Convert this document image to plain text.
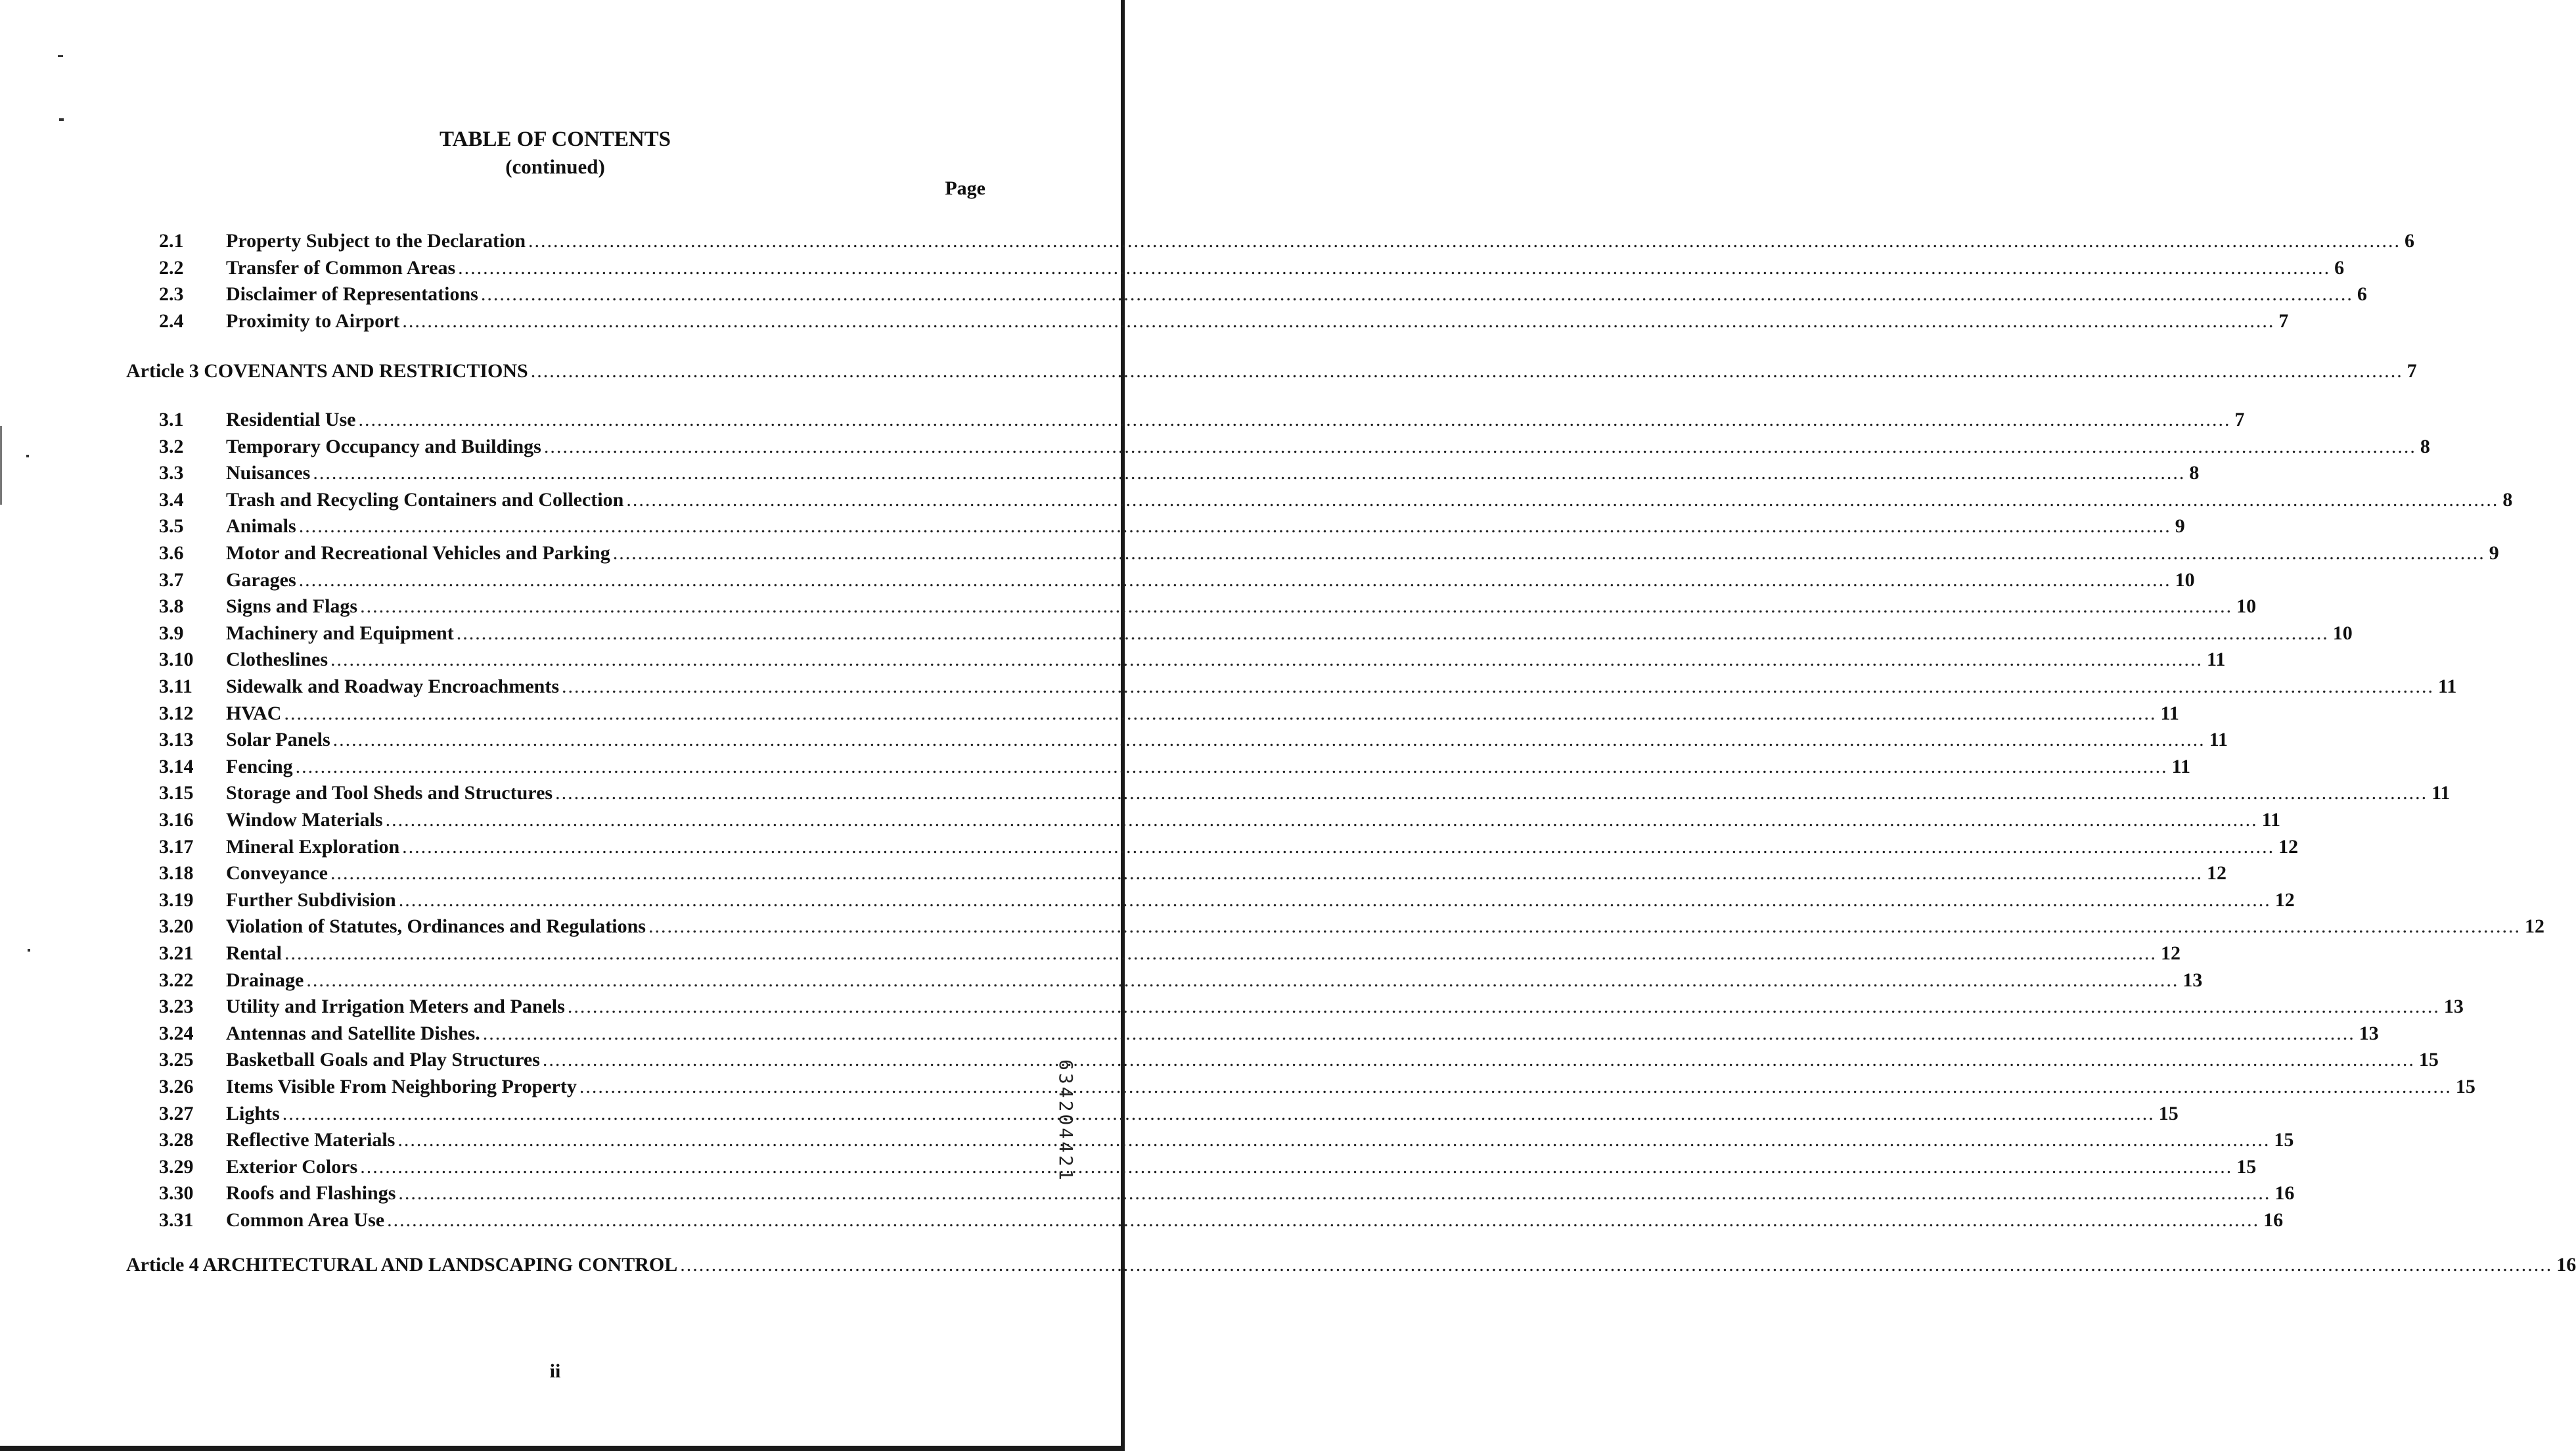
TABLE OF CONTENTS
(continued)
Page
2.1 Property Subject to the Declaration ............................................................................................................................................................................................................................................................................................................ 6
2.2 Transfer of Common Areas ............................................................................................................................................................................................................................................................................................................ 6
2.3 Disclaimer of Representations ............................................................................................................................................................................................................................................................................................................ 6
2.4 Proximity to Airport ............................................................................................................................................................................................................................................................................................................ 7
Article 3 COVENANTS AND RESTRICTIONS ............................................................................................................................................................................................................................................................................................................ 7
3.1 Residential Use ............................................................................................................................................................................................................................................................................................................ 7
3.2 Temporary Occupancy and Buildings ............................................................................................................................................................................................................................................................................................................ 8
3.3 Nuisances ............................................................................................................................................................................................................................................................................................................ 8
3.4 Trash and Recycling Containers and Collection ............................................................................................................................................................................................................................................................................................................ 8
3.5 Animals ............................................................................................................................................................................................................................................................................................................ 9
3.6 Motor and Recreational Vehicles and Parking ............................................................................................................................................................................................................................................................................................................ 9
3.7 Garages ............................................................................................................................................................................................................................................................................................................ 10
3.8 Signs and Flags ............................................................................................................................................................................................................................................................................................................ 10
3.9 Machinery and Equipment ............................................................................................................................................................................................................................................................................................................ 10
3.10 Clotheslines ............................................................................................................................................................................................................................................................................................................ 11
3.11 Sidewalk and Roadway Encroachments ............................................................................................................................................................................................................................................................................................................ 11
3.12 HVAC ............................................................................................................................................................................................................................................................................................................ 11
3.13 Solar Panels ............................................................................................................................................................................................................................................................................................................ 11
3.14 Fencing ............................................................................................................................................................................................................................................................................................................ 11
3.15 Storage and Tool Sheds and Structures ............................................................................................................................................................................................................................................................................................................ 11
3.16 Window Materials ............................................................................................................................................................................................................................................................................................................ 11
3.17 Mineral Exploration ............................................................................................................................................................................................................................................................................................................ 12
3.18 Conveyance ............................................................................................................................................................................................................................................................................................................ 12
3.19 Further Subdivision ............................................................................................................................................................................................................................................................................................................ 12
3.20 Violation of Statutes, Ordinances and Regulations ............................................................................................................................................................................................................................................................................................................ 12
3.21 Rental ............................................................................................................................................................................................................................................................................................................ 12
3.22 Drainage ............................................................................................................................................................................................................................................................................................................ 13
3.23 Utility and Irrigation Meters and Panels ............................................................................................................................................................................................................................................................................................................ 13
3.24 Antennas and Satellite Dishes. ............................................................................................................................................................................................................................................................................................................ 13
3.25 Basketball Goals and Play Structures ............................................................................................................................................................................................................................................................................................................ 15
3.26 Items Visible From Neighboring Property ............................................................................................................................................................................................................................................................................................................ 15
3.27 Lights ............................................................................................................................................................................................................................................................................................................ 15
3.28 Reflective Materials ............................................................................................................................................................................................................................................................................................................ 15
3.29 Exterior Colors ............................................................................................................................................................................................................................................................................................................ 15
3.30 Roofs and Flashings ............................................................................................................................................................................................................................................................................................................ 16
3.31 Common Area Use ............................................................................................................................................................................................................................................................................................................ 16
Article 4 ARCHITECTURAL AND LANDSCAPING CONTROL ............................................................................................................................................................................................................................................................................................................ 16
ii
634204421
